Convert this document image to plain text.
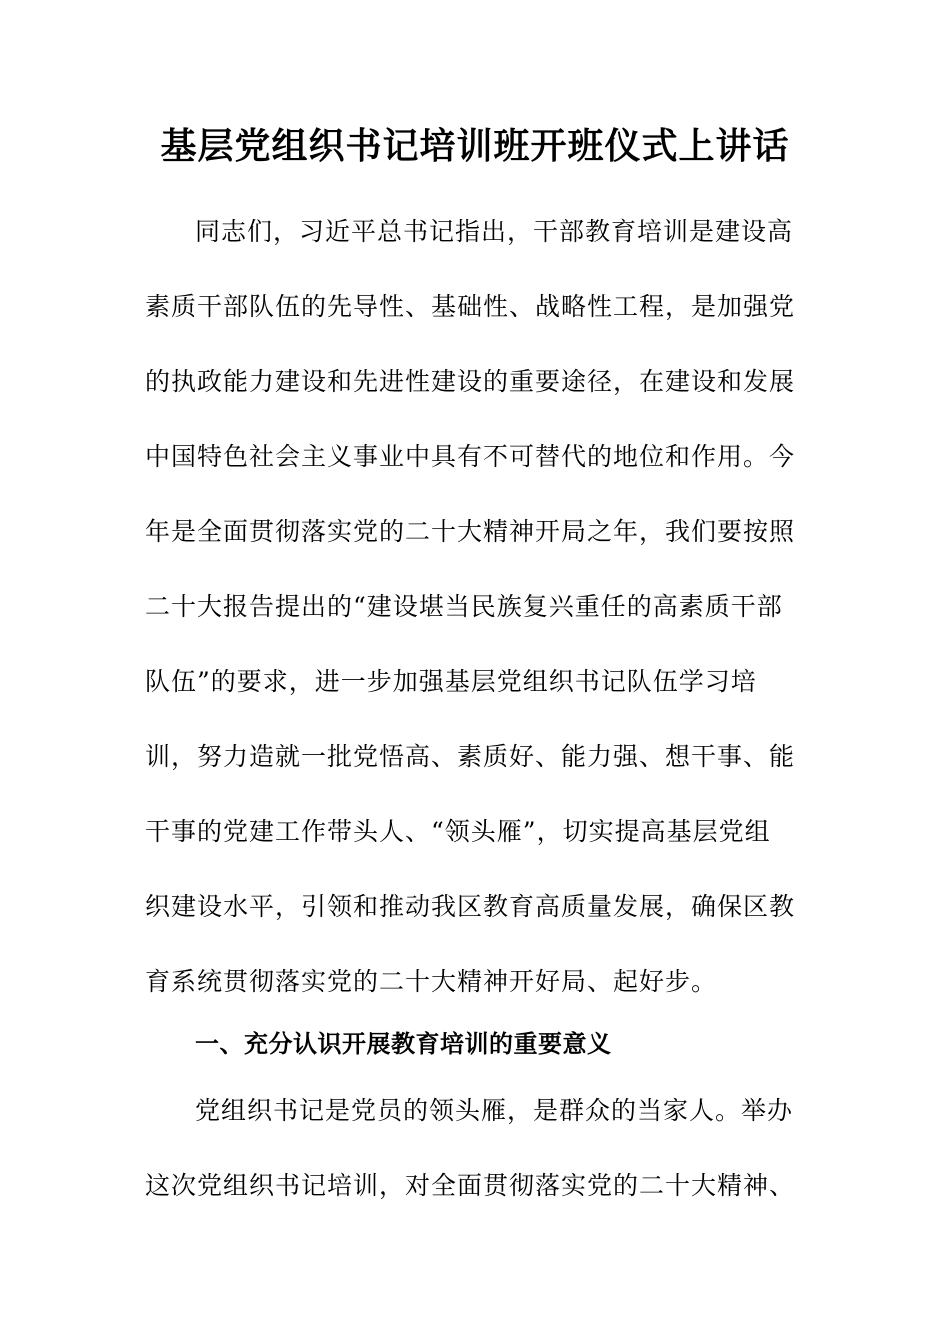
基层党组织书记培训班开班仪式上讲话
同志们，习近平总书记指出，干部教育培训是建设高
素质干部队伍的先导性、基础性、战略性工程，是加强党
的执政能力建设和先进性建设的重要途径，在建设和发展
中国特色社会主义事业中具有不可替代的地位和作用。今
年是全面贯彻落实党的二十大精神开局之年，我们要按照
二十大报告提出的“建设堪当民族复兴重任的高素质干部
队伍”的要求，进一步加强基层党组织书记队伍学习培
训，努力造就一批党悟高、素质好、能力强、想干事、能
干事的党建工作带头人、“领头雁”，切实提高基层党组
织建设水平，引领和推动我区教育高质量发展，确保区教
育系统贯彻落实党的二十大精神开好局、起好步。
一、充分认识开展教育培训的重要意义
党组织书记是党员的领头雁，是群众的当家人。举办
这次党组织书记培训，对全面贯彻落实党的二十大精神、
